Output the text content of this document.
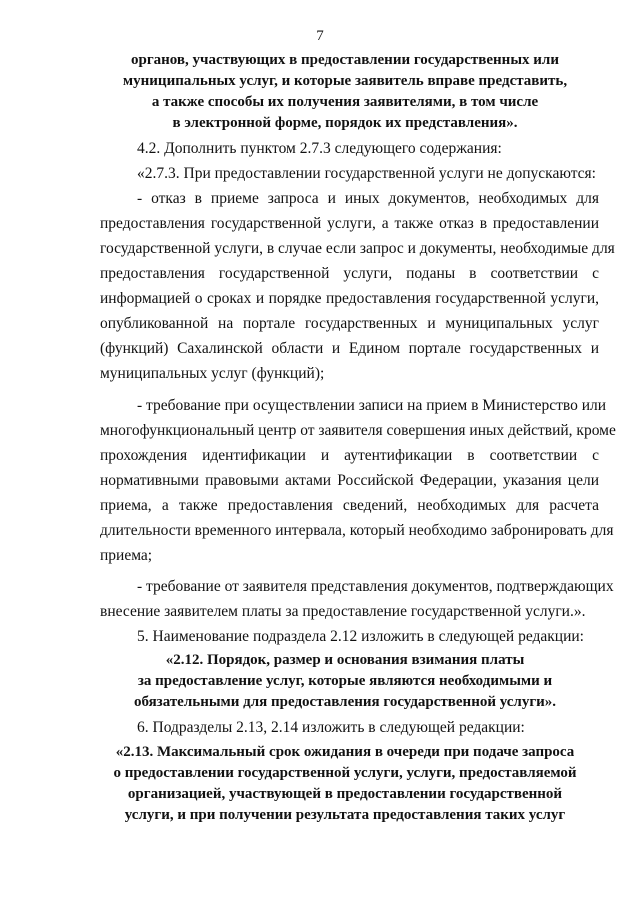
7
органов, участвующих в предоставлении государственных или
муниципальных услуг, и которые заявитель вправе представить,
а также способы их получения заявителями, в том числе
в электронной форме, порядок их представления».
4.2. Дополнить пунктом 2.7.3 следующего содержания:
«2.7.3. При предоставлении государственной услуги не допускаются:
- отказ в приеме запроса и иных документов, необходимых для
предоставления государственной услуги, а также отказ в предоставлении
государственной услуги, в случае если запрос и документы, необходимые для
предоставления государственной услуги, поданы в соответствии с
информацией о сроках и порядке предоставления государственной услуги,
опубликованной на портале государственных и муниципальных услуг
(функций) Сахалинской области и Едином портале государственных и
муниципальных услуг (функций);
- требование при осуществлении записи на прием в Министерство или
многофункциональный центр от заявителя совершения иных действий, кроме
прохождения идентификации и аутентификации в соответствии с
нормативными правовыми актами Российской Федерации, указания цели
приема, а также предоставления сведений, необходимых для расчета
длительности временного интервала, который необходимо забронировать для
приема;
- требование от заявителя представления документов, подтверждающих
внесение заявителем платы за предоставление государственной услуги.».
5. Наименование подраздела 2.12 изложить в следующей редакции:
«2.12. Порядок, размер и основания взимания платы
за предоставление услуг, которые являются необходимыми и
обязательными для предоставления государственной услуги».
6. Подразделы 2.13, 2.14 изложить в следующей редакции:
«2.13. Максимальный срок ожидания в очереди при подаче запроса
о предоставлении государственной услуги, услуги, предоставляемой
организацией, участвующей в предоставлении государственной
услуги, и при получении результата предоставления таких услуг
